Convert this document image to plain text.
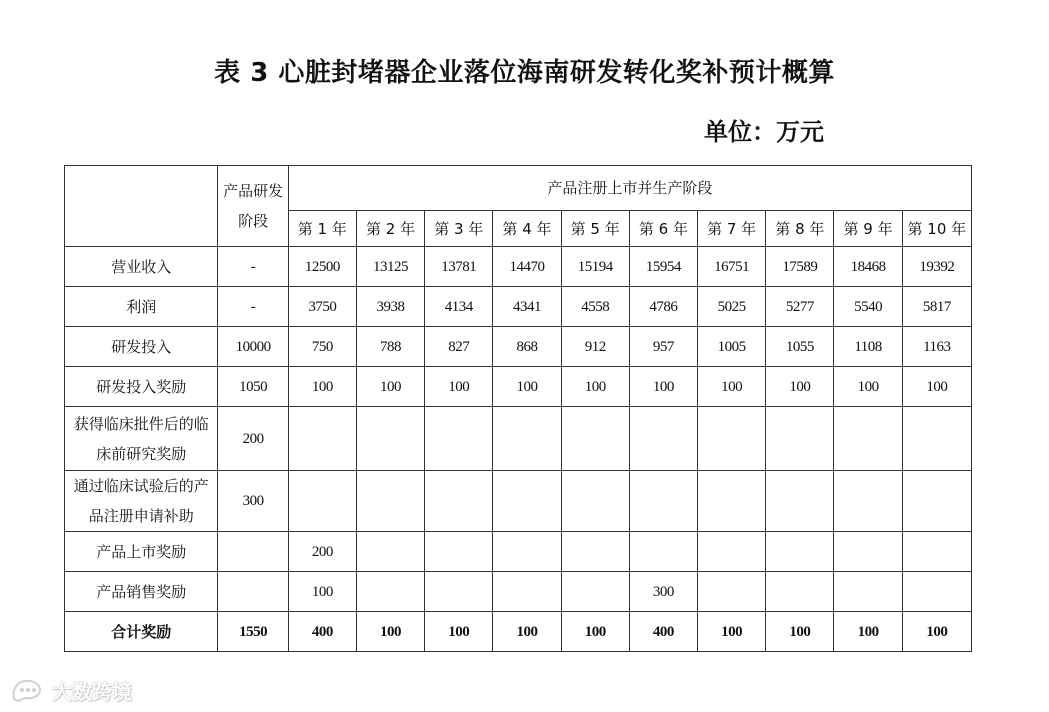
表 3 心脏封堵器企业落位海南研发转化奖补预计概算
单位：万元
	产品研发阶段	产品注册上市并生产阶段									
		第 1 年	第 2 年	第 3 年	第 4 年	第 5 年	第 6 年	第 7 年	第 8 年	第 9 年	第 10 年
营业收入	-	12500	13125	13781	14470	15194	15954	16751	17589	18468	19392
利润	-	3750	3938	4134	4341	4558	4786	5025	5277	5540	5817
研发投入	10000	750	788	827	868	912	957	1005	1055	1108	1163
研发投入奖励	1050	100	100	100	100	100	100	100	100	100	100
获得临床批件后的临床前研究奖励	200										
通过临床试验后的产品注册申请补助	300										
产品上市奖励		200									
产品销售奖励		100					300				
合计奖励	1550	400	100	100	100	100	400	100	100	100	100
大数跨境
